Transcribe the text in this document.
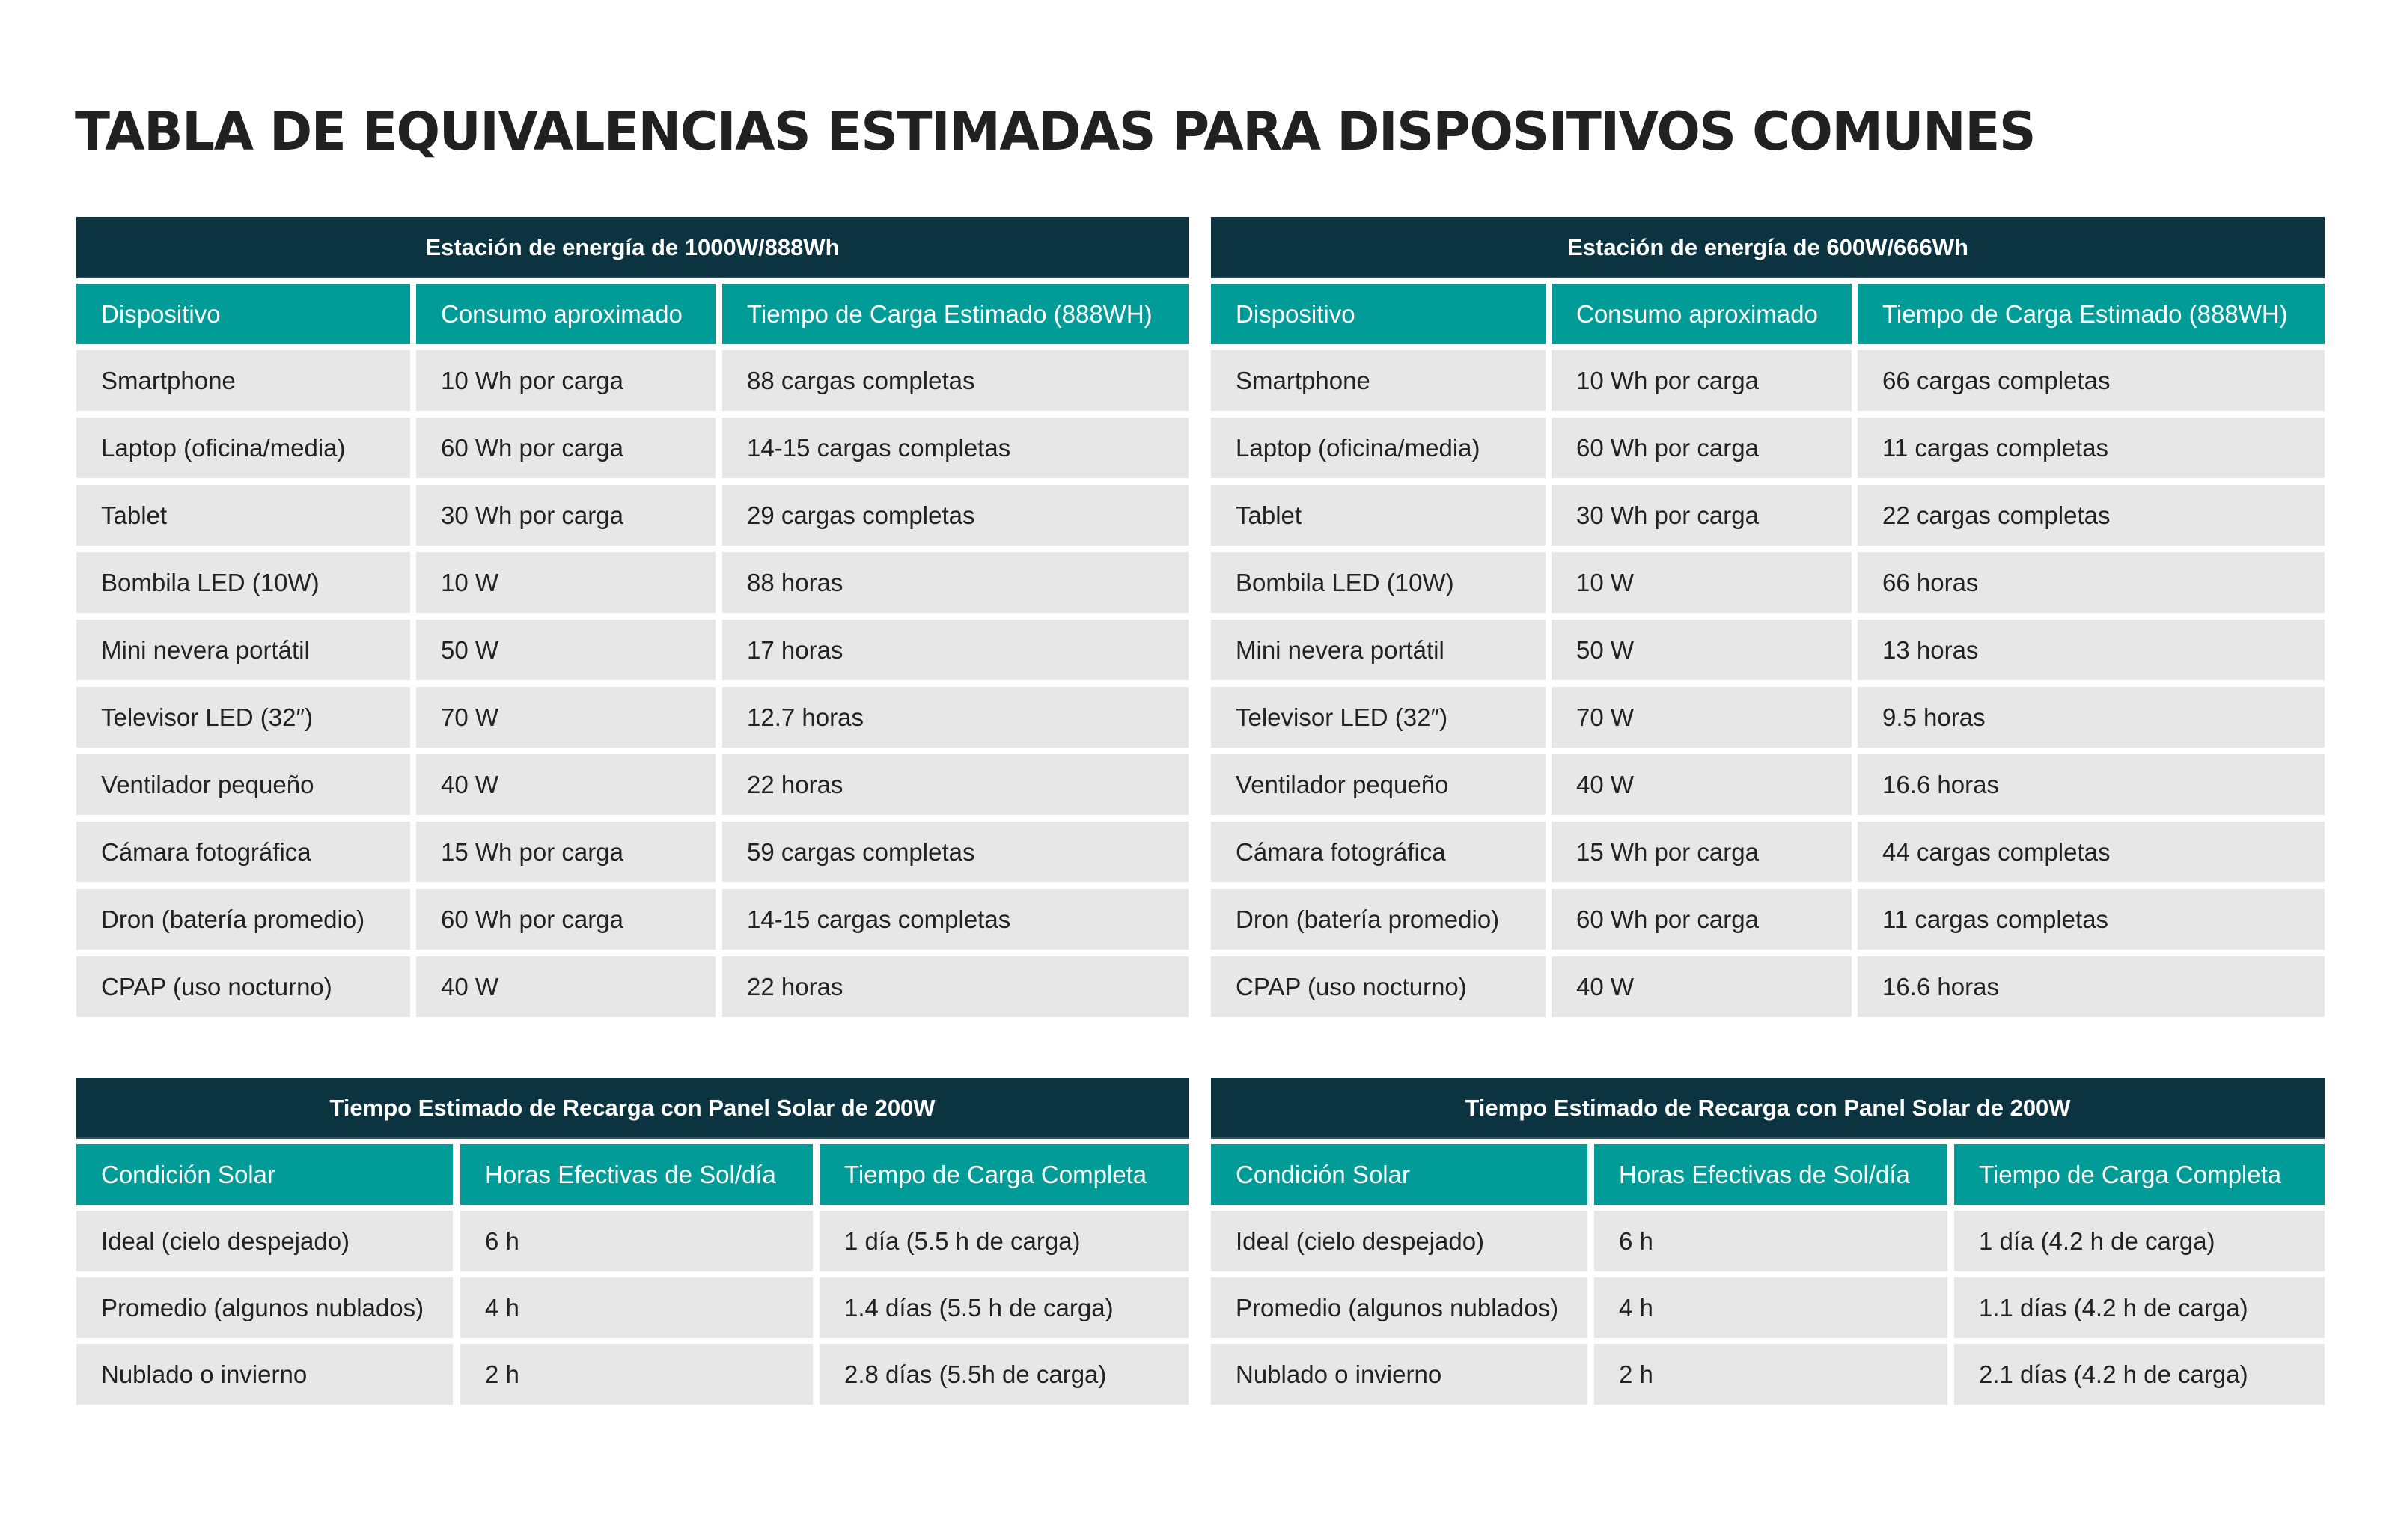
TABLA DE EQUIVALENCIAS ESTIMADAS PARA DISPOSITIVOS COMUNES
Estación de energía de 1000W/888Wh
Dispositivo	Consumo aproximado	Tiempo de Carga Estimado (888WH)
Smartphone	10 Wh por carga	88 cargas completas
Laptop (oficina/media)	60 Wh por carga	14-15 cargas completas
Tablet	30 Wh por carga	29 cargas completas
Bombila LED (10W)	10 W	88 horas
Mini nevera portátil	50 W	17 horas
Televisor LED (32″)	70 W	12.7 horas
Ventilador pequeño	40 W	22 horas
Cámara fotográfica	15 Wh por carga	59 cargas completas
Dron (batería promedio)	60 Wh por carga	14-15 cargas completas
CPAP (uso nocturno)	40 W	22 horas
Estación de energía de 600W/666Wh
Dispositivo	Consumo aproximado	Tiempo de Carga Estimado (888WH)
Smartphone	10 Wh por carga	66 cargas completas
Laptop (oficina/media)	60 Wh por carga	11 cargas completas
Tablet	30 Wh por carga	22 cargas completas
Bombila LED (10W)	10 W	66 horas
Mini nevera portátil	50 W	13 horas
Televisor LED (32″)	70 W	9.5 horas
Ventilador pequeño	40 W	16.6 horas
Cámara fotográfica	15 Wh por carga	44 cargas completas
Dron (batería promedio)	60 Wh por carga	11 cargas completas
CPAP (uso nocturno)	40 W	16.6 horas
Tiempo Estimado de Recarga con Panel Solar de 200W
Condición Solar	Horas Efectivas de Sol/día	Tiempo de Carga Completa
Ideal (cielo despejado)	6 h	1 día (5.5 h de carga)
Promedio (algunos nublados)	4 h	1.4 días (5.5 h de carga)
Nublado o invierno	2 h	2.8 días (5.5h de carga)
Tiempo Estimado de Recarga con Panel Solar de 200W
Condición Solar	Horas Efectivas de Sol/día	Tiempo de Carga Completa
Ideal (cielo despejado)	6 h	1 día (4.2 h de carga)
Promedio (algunos nublados)	4 h	1.1 días (4.2 h de carga)
Nublado o invierno	2 h	2.1 días (4.2 h de carga)
